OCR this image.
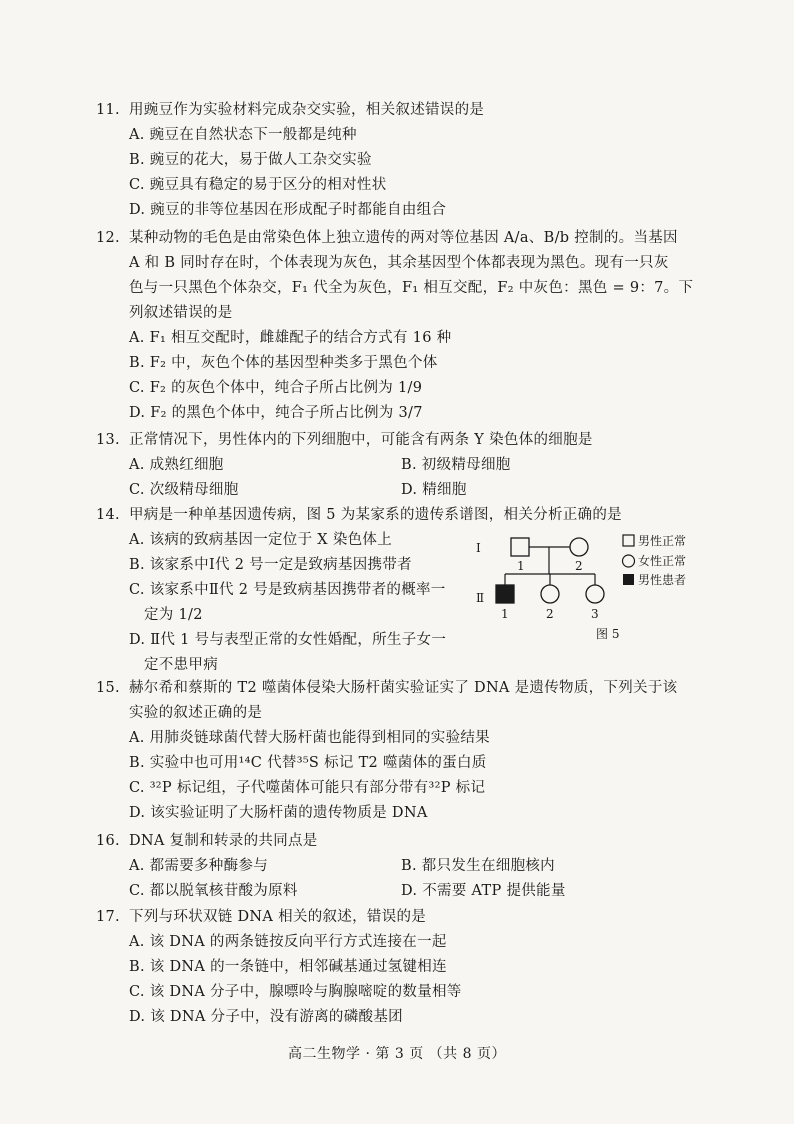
11. 用豌豆作为实验材料完成杂交实验，相关叙述错误的是
A. 豌豆在自然状态下一般都是纯种
B. 豌豆的花大，易于做人工杂交实验
C. 豌豆具有稳定的易于区分的相对性状
D. 豌豆的非等位基因在形成配子时都能自由组合
12. 某种动物的毛色是由常染色体上独立遗传的两对等位基因 A/a、B/b 控制的。当基因
A 和 B 同时存在时，个体表现为灰色，其余基因型个体都表现为黑色。现有一只灰
色与一只黑色个体杂交，F₁ 代全为灰色，F₁ 相互交配，F₂ 中灰色：黑色 = 9：7。下
列叙述错误的是
A. F₁ 相互交配时，雌雄配子的结合方式有 16 种
B. F₂ 中，灰色个体的基因型种类多于黑色个体
C. F₂ 的灰色个体中，纯合子所占比例为 1/9
D. F₂ 的黑色个体中，纯合子所占比例为 3/7
13. 正常情况下，男性体内的下列细胞中，可能含有两条 Y 染色体的细胞是
A. 成熟红细胞	B. 初级精母细胞
C. 次级精母细胞	D. 精细胞
14. 甲病是一种单基因遗传病，图 5 为某家系的遗传系谱图，相关分析正确的是
A. 该病的致病基因一定位于 X 染色体上
B. 该家系中Ⅰ代 2 号一定是致病基因携带者
C. 该家系中Ⅱ代 2 号是致病基因携带者的概率一
定为 1/2
D. Ⅱ代 1 号与表型正常的女性婚配，所生子女一
定不患甲病
Ⅰ
Ⅱ
1	2
1	2	3
图 5
男性正常
女性正常
男性患者
15. 赫尔希和蔡斯的 T2 噬菌体侵染大肠杆菌实验证实了 DNA 是遗传物质，下列关于该
实验的叙述正确的是
A. 用肺炎链球菌代替大肠杆菌也能得到相同的实验结果
B. 实验中也可用¹⁴C 代替³⁵S 标记 T2 噬菌体的蛋白质
C. ³²P 标记组，子代噬菌体可能只有部分带有³²P 标记
D. 该实验证明了大肠杆菌的遗传物质是 DNA
16. DNA 复制和转录的共同点是
A. 都需要多种酶参与	B. 都只发生在细胞核内
C. 都以脱氧核苷酸为原料	D. 不需要 ATP 提供能量
17. 下列与环状双链 DNA 相关的叙述，错误的是
A. 该 DNA 的两条链按反向平行方式连接在一起
B. 该 DNA 的一条链中，相邻碱基通过氢键相连
C. 该 DNA 分子中，腺嘌呤与胸腺嘧啶的数量相等
D. 该 DNA 分子中，没有游离的磷酸基团
高二生物学 · 第 3 页 （共 8 页）
